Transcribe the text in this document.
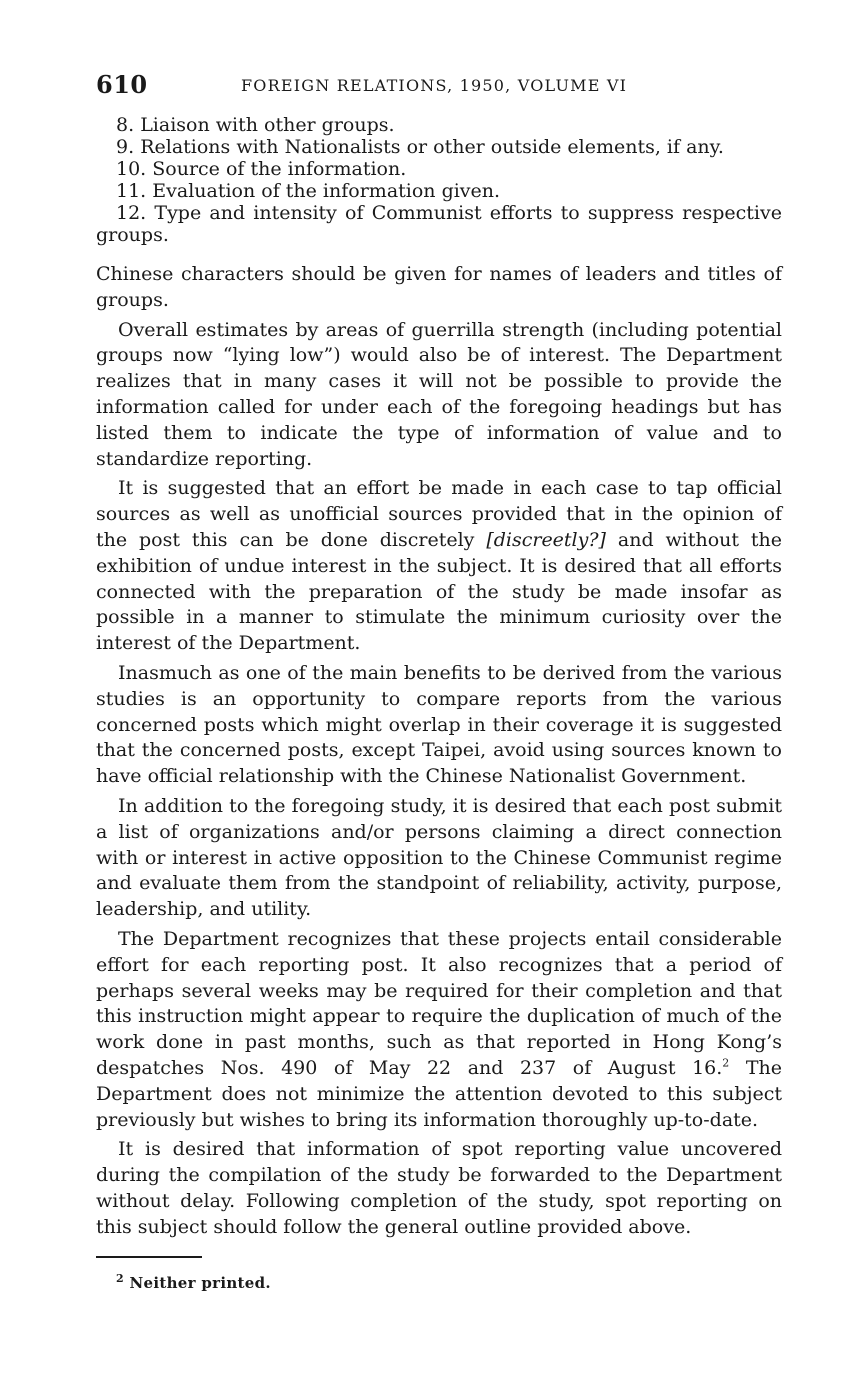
610	FOREIGN RELATIONS, 1950, VOLUME VI
8. Liaison with other groups.
9. Relations with Nationalists or other outside elements, if any.
10. Source of the information.
11. Evaluation of the information given.
12. Type and intensity of Communist efforts to suppress respective groups.

Chinese characters should be given for names of leaders and titles of groups.

Overall estimates by areas of guerrilla strength (including potential groups now “lying low”) would also be of interest. The Department realizes that in many cases it will not be possible to provide the information called for under each of the foregoing headings but has listed them to indicate the type of information of value and to standardize reporting.

It is suggested that an effort be made in each case to tap official sources as well as unofficial sources provided that in the opinion of the post this can be done discretely [discreetly?] and without the exhibition of undue interest in the subject. It is desired that all efforts connected with the preparation of the study be made insofar as possible in a manner to stimulate the minimum curiosity over the interest of the Department.

Inasmuch as one of the main benefits to be derived from the various studies is an opportunity to compare reports from the various concerned posts which might overlap in their coverage it is suggested that the concerned posts, except Taipei, avoid using sources known to have official relationship with the Chinese Nationalist Government.

In addition to the foregoing study, it is desired that each post submit a list of organizations and/or persons claiming a direct connection with or interest in active opposition to the Chinese Communist regime and evaluate them from the standpoint of reliability, activity, purpose, leadership, and utility.

The Department recognizes that these projects entail considerable effort for each reporting post. It also recognizes that a period of perhaps several weeks may be required for their completion and that this instruction might appear to require the duplication of much of the work done in past months, such as that reported in Hong Kong’s despatches Nos. 490 of May 22 and 237 of August 16.$^2$ The Department does not minimize the attention devoted to this subject previously but wishes to bring its information thoroughly up-to-date.

It is desired that information of spot reporting value uncovered during the compilation of the study be forwarded to the Department without delay. Following completion of the study, spot reporting on this subject should follow the general outline provided above.

$^2$ Neither printed.
